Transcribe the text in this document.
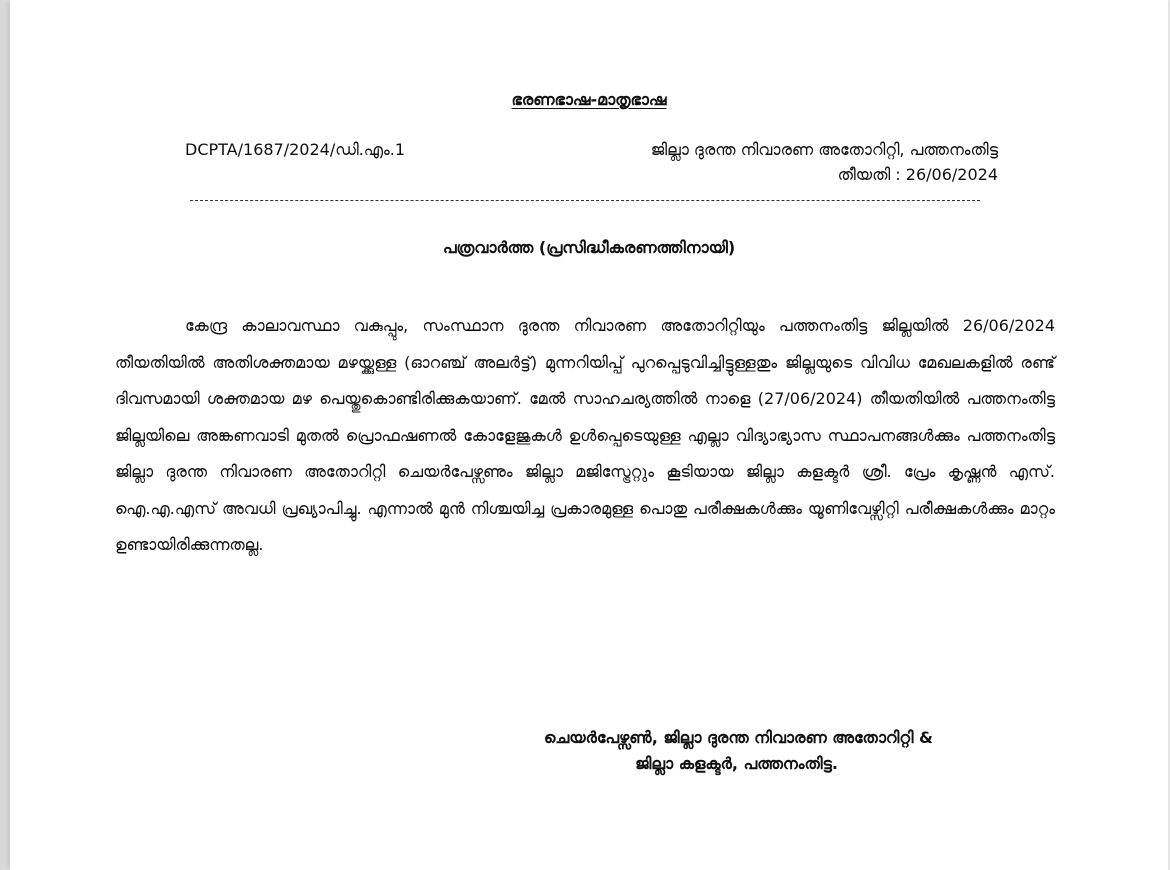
ഭരണഭാഷ-മാതൃഭാഷ
DCPTA/1687/2024/ഡി.എം.1	ജില്ലാ ദുരന്ത നിവാരണ അതോറിറ്റി, പത്തനംതിട്ട
തീയതി : 26/06/2024
പത്രവാർത്ത (പ്രസിദ്ധീകരണത്തിനായി)

കേന്ദ്ര കാലാവസ്ഥാ വകുപ്പും, സംസ്ഥാന ദുരന്ത നിവാരണ അതോറിറ്റിയും പത്തനംതിട്ട ജില്ലയിൽ 26/06/2024 തീയതിയിൽ അതിശക്തമായ മഴയ്ക്കുള്ള (ഓറഞ്ച് അലർട്ട്) മുന്നറിയിപ്പ് പുറപ്പെടുവിച്ചിട്ടുള്ളതും ജില്ലയുടെ വിവിധ മേഖലകളിൽ രണ്ട് ദിവസമായി ശക്തമായ മഴ പെയ്തുകൊണ്ടിരിക്കുകയാണ്. മേൽ സാഹചര്യത്തിൽ നാളെ (27/06/2024) തീയതിയിൽ പത്തനംതിട്ട ജില്ലയിലെ അങ്കണവാടി മുതൽ പ്രൊഫഷണൽ കോളേജുകൾ ഉൾപ്പെടെയുള്ള എല്ലാ വിദ്യാഭ്യാസ സ്ഥാപനങ്ങൾക്കും പത്തനംതിട്ട ജില്ലാ ദുരന്ത നിവാരണ അതോറിറ്റി ചെയർപേഴ്സണും ജില്ലാ മജിസ്ട്രേറ്റും കൂടിയായ ജില്ലാ കളക്ടർ ശ്രീ. പ്രേം കൃഷ്ണൻ എസ്. ഐ.എ.എസ് അവധി പ്രഖ്യാപിച്ചു. എന്നാൽ മുൻ നിശ്ചയിച്ച പ്രകാരമുള്ള പൊതു പരീക്ഷകൾക്കും യൂണിവേഴ്സിറ്റി പരീക്ഷകൾക്കും മാറ്റം ഉണ്ടായിരിക്കുന്നതല്ല.

ചെയർപേഴ്സൺ, ജില്ലാ ദുരന്ത നിവാരണ അതോറിറ്റി &
ജില്ലാ കളക്ടർ, പത്തനംതിട്ട.
